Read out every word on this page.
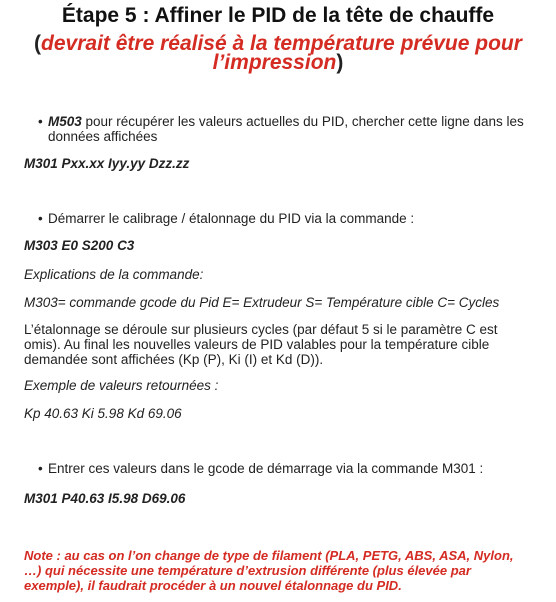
Étape 5 : Affiner le PID de la tête de chauffe
(devrait être réalisé à la température prévue pour l’impression)
• M503 pour récupérer les valeurs actuelles du PID, chercher cette ligne dans les données affichées
M301 Pxx.xx Iyy.yy Dzz.zz
• Démarrer le calibrage / étalonnage du PID via la commande :
M303 E0 S200 C3
Explications de la commande:
M303= commande gcode du Pid E= Extrudeur S= Température cible C= Cycles
L’étalonnage se déroule sur plusieurs cycles (par défaut 5 si le paramètre C est omis). Au final les nouvelles valeurs de PID valables pour la température cible demandée sont affichées (Kp (P), Ki (I) et Kd (D)).
Exemple de valeurs retournées :
Kp 40.63 Ki 5.98 Kd 69.06
• Entrer ces valeurs dans le gcode de démarrage via la commande M301 :
M301 P40.63 I5.98 D69.06
Note : au cas on l’on change de type de filament (PLA, PETG, ABS, ASA, Nylon, …) qui nécessite une température d’extrusion différente (plus élevée par exemple), il faudrait procéder à un nouvel étalonnage du PID.
